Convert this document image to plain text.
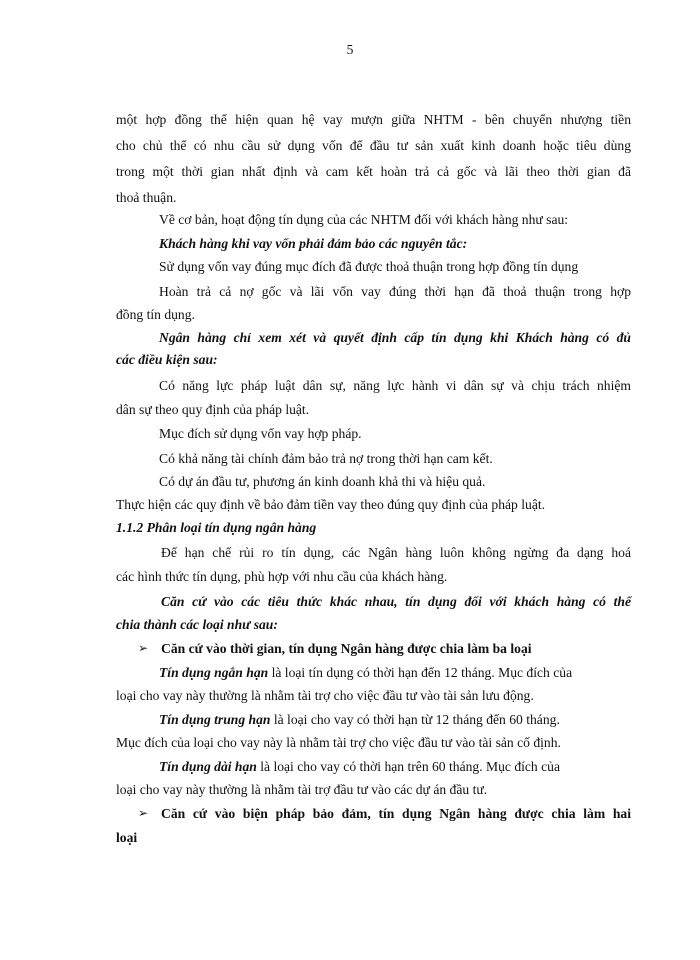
5
một hợp đồng thể hiện quan hệ vay mượn giữa NHTM - bên chuyển nhượng tiền
cho chủ thể có nhu cầu sử dụng vốn để đầu tư sản xuất kinh doanh hoặc tiêu dùng
trong một thời gian nhất định và cam kết hoàn trả cả gốc và lãi theo thời gian đã
thoả thuận.
Về cơ bản, hoạt động tín dụng của các NHTM đối với khách hàng như sau:
Khách hàng khi vay vốn phải đảm bảo các nguyên tắc:
Sử dụng vốn vay đúng mục đích đã được thoả thuận trong hợp đồng tín dụng
Hoàn trả cả nợ gốc và lãi vốn vay đúng thời hạn đã thoả thuận trong hợp
đồng tín dụng.
Ngân hàng chỉ xem xét và quyết định cấp tín dụng khi Khách hàng có đủ
các điều kiện sau:
Có năng lực pháp luật dân sự, năng lực hành vi dân sự và chịu trách nhiệm
dân sự theo quy định của pháp luật.
Mục đích sử dụng vốn vay hợp pháp.
Có khả năng tài chính đảm bảo trả nợ trong thời hạn cam kết.
Có dự án đầu tư, phương án kinh doanh khả thi và hiệu quả.
Thực hiện các quy định về bảo đảm tiền vay theo đúng quy định của pháp luật.
1.1.2 Phân loại tín dụng ngân hàng
Để hạn chế rủi ro tín dụng, các Ngân hàng luôn không ngừng đa dạng hoá
các hình thức tín dụng, phù hợp với nhu cầu của khách hàng.
Căn cứ vào các tiêu thức khác nhau, tín dụng đối với khách hàng có thể
chia thành các loại như sau:
➢ Căn cứ vào thời gian, tín dụng Ngân hàng được chia làm ba loại
Tín dụng ngắn hạn là loại tín dụng có thời hạn đến 12 tháng. Mục đích của
loại cho vay này thường là nhằm tài trợ cho việc đầu tư vào tài sản lưu động.
Tín dụng trung hạn là loại cho vay có thời hạn từ 12 tháng đến 60 tháng.
Mục đích của loại cho vay này là nhằm tài trợ cho việc đầu tư vào tài sản cố định.
Tín dụng dài hạn là loại cho vay có thời hạn trên 60 tháng. Mục đích của
loại cho vay này thường là nhằm tài trợ đầu tư vào các dự án đầu tư.
➢ Căn cứ vào biện pháp bảo đảm, tín dụng Ngân hàng được chia làm hai
loại
